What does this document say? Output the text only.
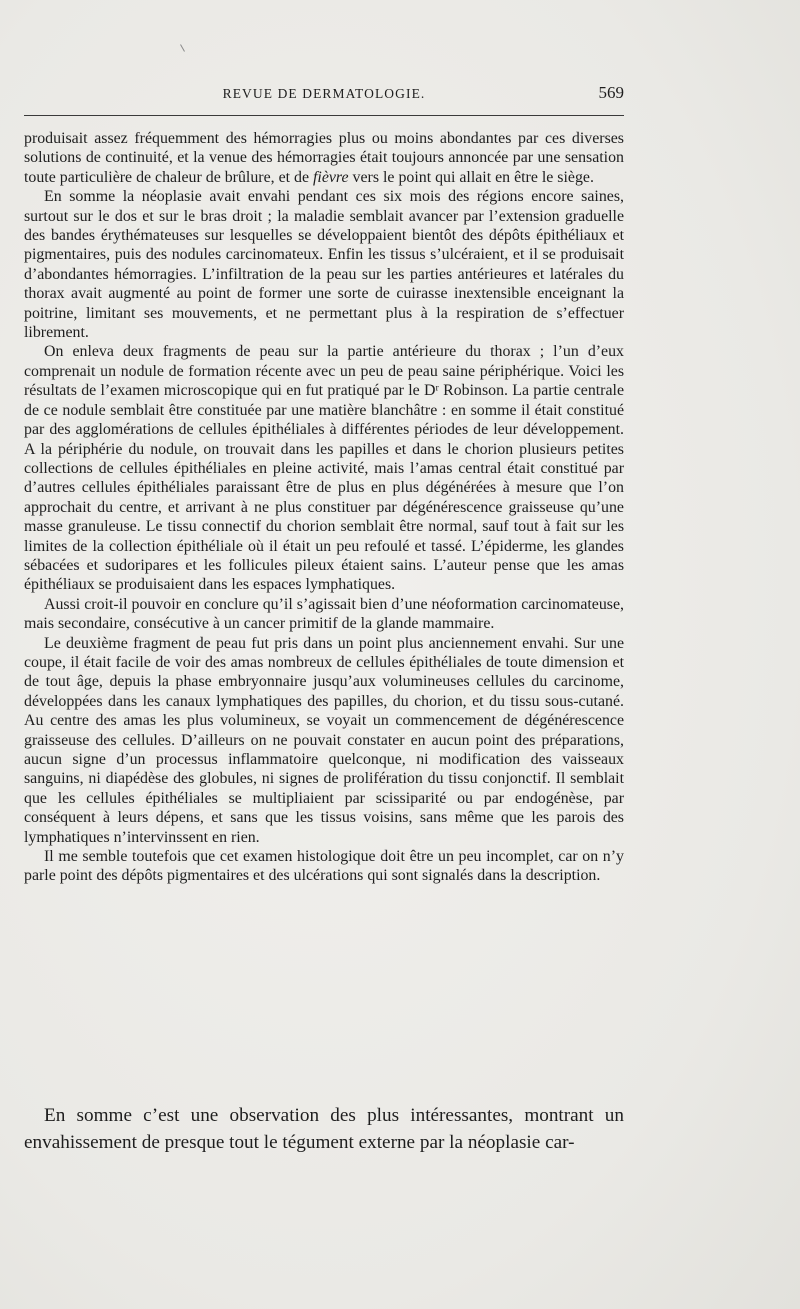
REVUE DE DERMATOLOGIE.	569

produisait assez fréquemment des hémorragies plus ou moins abondantes par ces diverses solutions de continuité, et la venue des hémorragies était toujours annoncée par une sensation toute particulière de chaleur de brûlure, et de fièvre vers le point qui allait en être le siège.

En somme la néoplasie avait envahi pendant ces six mois des régions encore saines, surtout sur le dos et sur le bras droit ; la maladie semblait avancer par l’extension graduelle des bandes érythémateuses sur lesquelles se développaient bientôt des dépôts épithéliaux et pigmentaires, puis des nodules carcinomateux. Enfin les tissus s’ulcéraient, et il se produisait d’abondantes hémorragies. L’infiltration de la peau sur les parties antérieures et latérales du thorax avait augmenté au point de former une sorte de cuirasse inextensible enceignant la poitrine, limitant ses mouvements, et ne permettant plus à la respiration de s’effectuer librement.

On enleva deux fragments de peau sur la partie antérieure du thorax ; l’un d’eux comprenait un nodule de formation récente avec un peu de peau saine périphérique. Voici les résultats de l’examen microscopique qui en fut pratiqué par le Dʳ Robinson. La partie centrale de ce nodule semblait être constituée par une matière blanchâtre : en somme il était constitué par des agglomérations de cellules épithéliales à différentes périodes de leur développement. A la périphérie du nodule, on trouvait dans les papilles et dans le chorion plusieurs petites collections de cellules épithéliales en pleine activité, mais l’amas central était constitué par d’autres cellules épithéliales paraissant être de plus en plus dégénérées à mesure que l’on approchait du centre, et arrivant à ne plus constituer par dégénérescence graisseuse qu’une masse granuleuse. Le tissu connectif du chorion semblait être normal, sauf tout à fait sur les limites de la collection épithéliale où il était un peu refoulé et tassé. L’épiderme, les glandes sébacées et sudoripares et les follicules pileux étaient sains. L’auteur pense que les amas épithéliaux se produisaient dans les espaces lymphatiques.

Aussi croit-il pouvoir en conclure qu’il s’agissait bien d’une néoformation carcinomateuse, mais secondaire, consécutive à un cancer primitif de la glande mammaire.

Le deuxième fragment de peau fut pris dans un point plus anciennement envahi. Sur une coupe, il était facile de voir des amas nombreux de cellules épithéliales de toute dimension et de tout âge, depuis la phase embryonnaire jusqu’aux volumineuses cellules du carcinome, développées dans les canaux lymphatiques des papilles, du chorion, et du tissu sous-cutané. Au centre des amas les plus volumineux, se voyait un commencement de dégénérescence graisseuse des cellules. D’ailleurs on ne pouvait constater en aucun point des préparations, aucun signe d’un processus inflammatoire quelconque, ni modification des vaisseaux sanguins, ni diapédèse des globules, ni signes de prolifération du tissu conjonctif. Il semblait que les cellules épithéliales se multipliaient par scissiparité ou par endogénèse, par conséquent à leurs dépens, et sans que les tissus voisins, sans même que les parois des lymphatiques n’intervinssent en rien.

Il me semble toutefois que cet examen histologique doit être un peu incomplet, car on n’y parle point des dépôts pigmentaires et des ulcérations qui sont signalés dans la description.

En somme c’est une observation des plus intéressantes, montrant un envahissement de presque tout le tégument externe par la néoplasie car-
